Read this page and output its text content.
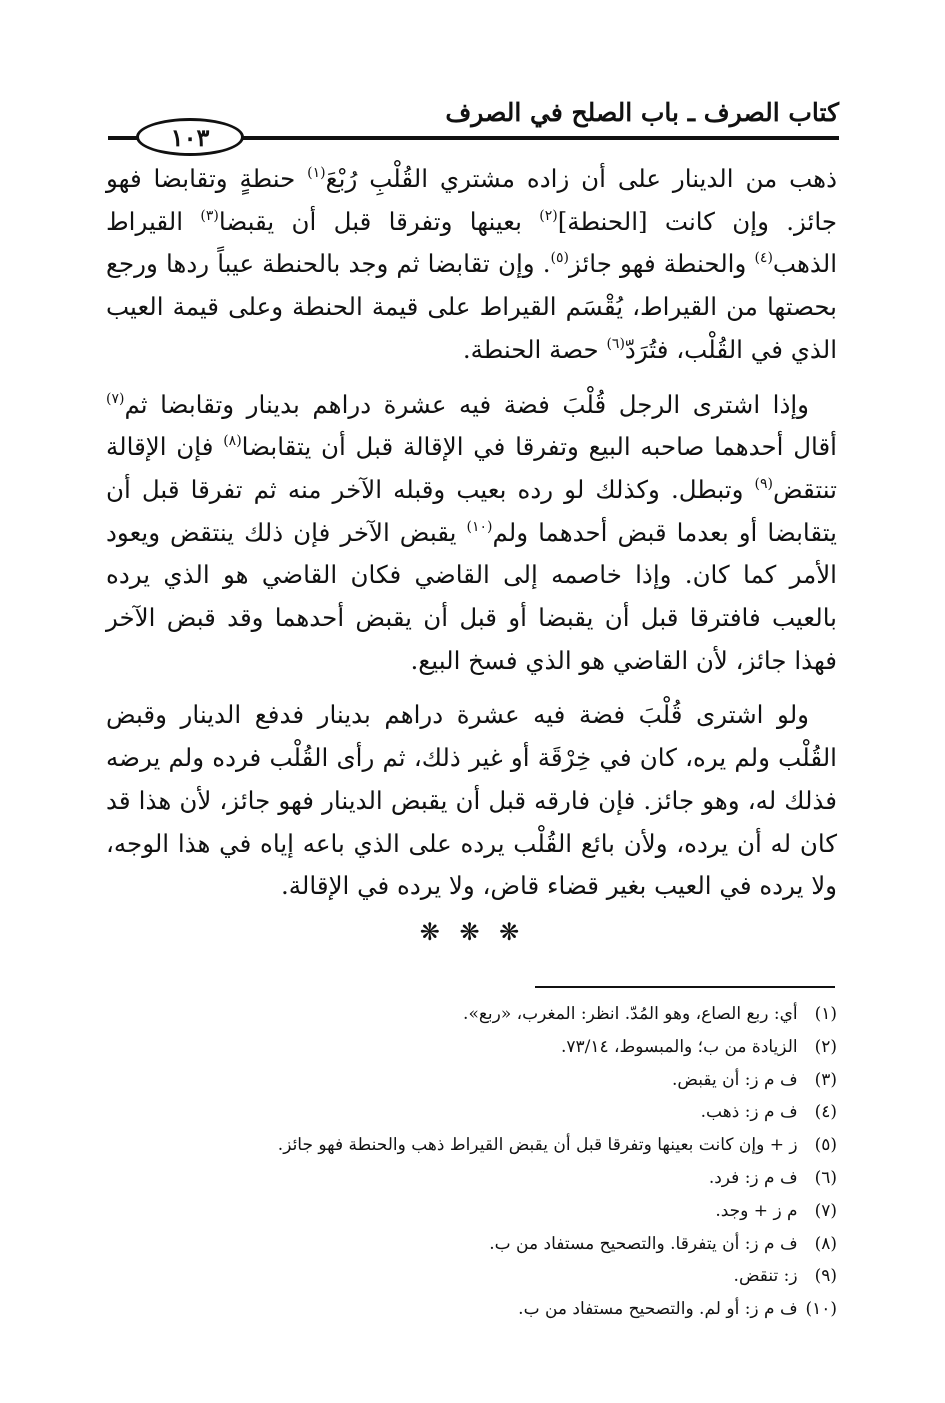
كتاب الصرف ـ باب الصلح في الصرف
١٠٣

ذهب من الدينار على أن زاده مشتري القُلْبِ رُبْعَ$^{(١)}$ حنطةٍ وتقابضا فهو جائز. وإن كانت [الحنطة]$^{(٢)}$ بعينها وتفرقا قبل أن يقبضا$^{(٣)}$ القيراط الذهب$^{(٤)}$ والحنطة فهو جائز$^{(٥)}$. وإن تقابضا ثم وجد بالحنطة عيباً ردها ورجع بحصتها من القيراط، يُقْسَم القيراط على قيمة الحنطة وعلى قيمة العيب الذي في القُلْب، فتُرَدّ$^{(٦)}$ حصة الحنطة.

وإذا اشترى الرجل قُلْبَ فضة فيه عشرة دراهم بدينار وتقابضا ثم$^{(٧)}$ أقال أحدهما صاحبه البيع وتفرقا في الإقالة قبل أن يتقابضا$^{(٨)}$ فإن الإقالة تنتقض$^{(٩)}$ وتبطل. وكذلك لو رده بعيب وقبله الآخر منه ثم تفرقا قبل أن يتقابضا أو بعدما قبض أحدهما ولم$^{(١٠)}$ يقبض الآخر فإن ذلك ينتقض ويعود الأمر كما كان. وإذا خاصمه إلى القاضي فكان القاضي هو الذي يرده بالعيب فافترقا قبل أن يقبضا أو قبل أن يقبض أحدهما وقد قبض الآخر فهذا جائز، لأن القاضي هو الذي فسخ البيع.

ولو اشترى قُلْبَ فضة فيه عشرة دراهم بدينار فدفع الدينار وقبض القُلْب ولم يره، كان في خِرْقَة أو غير ذلك، ثم رأى القُلْب فرده ولم يرضه فذلك له، وهو جائز. فإن فارقه قبل أن يقبض الدينار فهو جائز، لأن هذا قد كان له أن يرده، ولأن بائع القُلْب يرده على الذي باعه إياه في هذا الوجه، ولا يرده في العيب بغير قضاء قاض، ولا يرده في الإقالة.

❋ ❋ ❋
(١) أي: ربع الصاع، وهو المُدّ. انظر: المغرب، «ربع».
(٢) الزيادة من ب؛ والمبسوط، ٧٣/١٤.
(٣) ف م ز: أن يقبض.
(٤) ف م ز: ذهب.
(٥) ز + وإن كانت بعينها وتفرقا قبل أن يقبض القيراط ذهب والحنطة فهو جائز.
(٦) ف م ز: فرد.
(٧) م ز + وجد.
(٨) ف م ز: أن يتفرقا. والتصحيح مستفاد من ب.
(٩) ز: تنقض.
(١٠) ف م ز: أو لم. والتصحيح مستفاد من ب.
